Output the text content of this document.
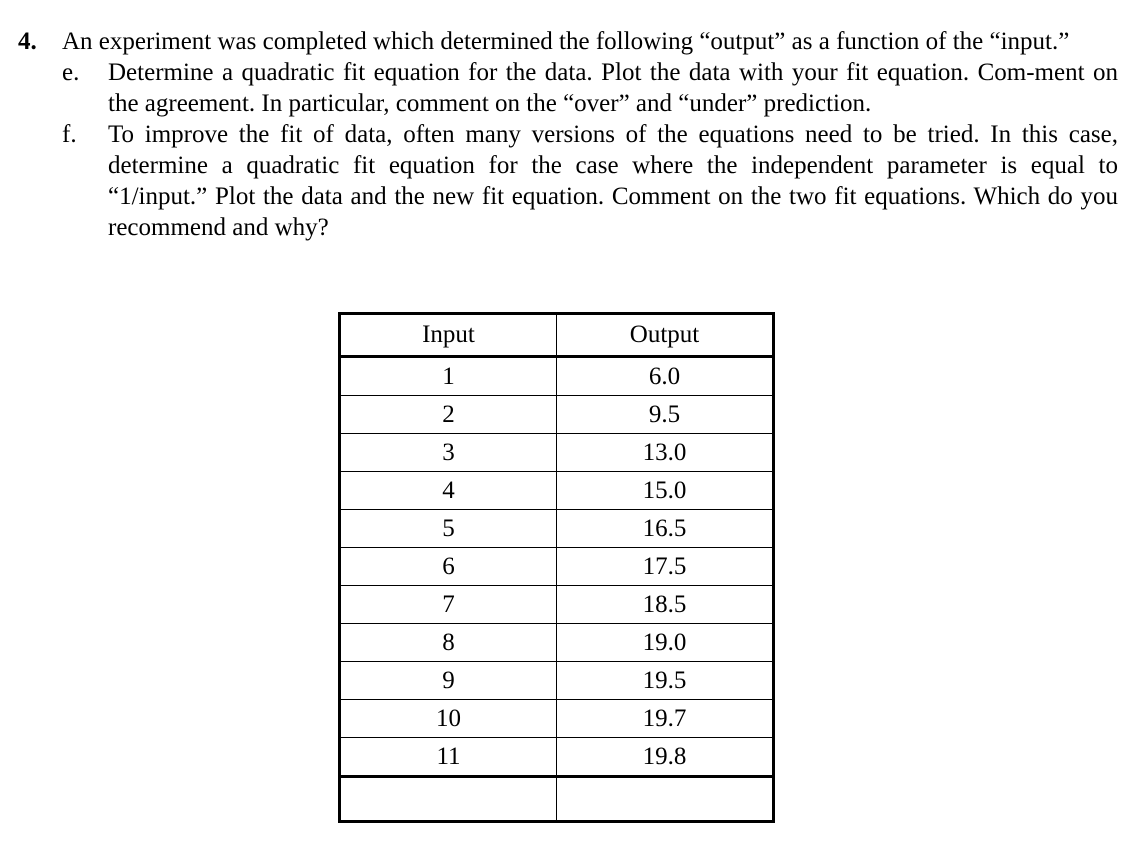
4.	An experiment was completed which determined the following “output” as a function of the “input.”
e.	Determine a quadratic fit equation for the data. Plot the data with your fit equation. Com-ment on the agreement. In particular, comment on the “over” and “under” prediction.
f.	To improve the fit of data, often many versions of the equations need to be tried. In this case, determine a quadratic fit equation for the case where the independent parameter is equal to “1/input.” Plot the data and the new fit equation. Comment on the two fit equations. Which do you recommend and why?
Input	Output
1	6.0
2	9.5
3	13.0
4	15.0
5	16.5
6	17.5
7	18.5
8	19.0
9	19.5
10	19.7
11	19.8
